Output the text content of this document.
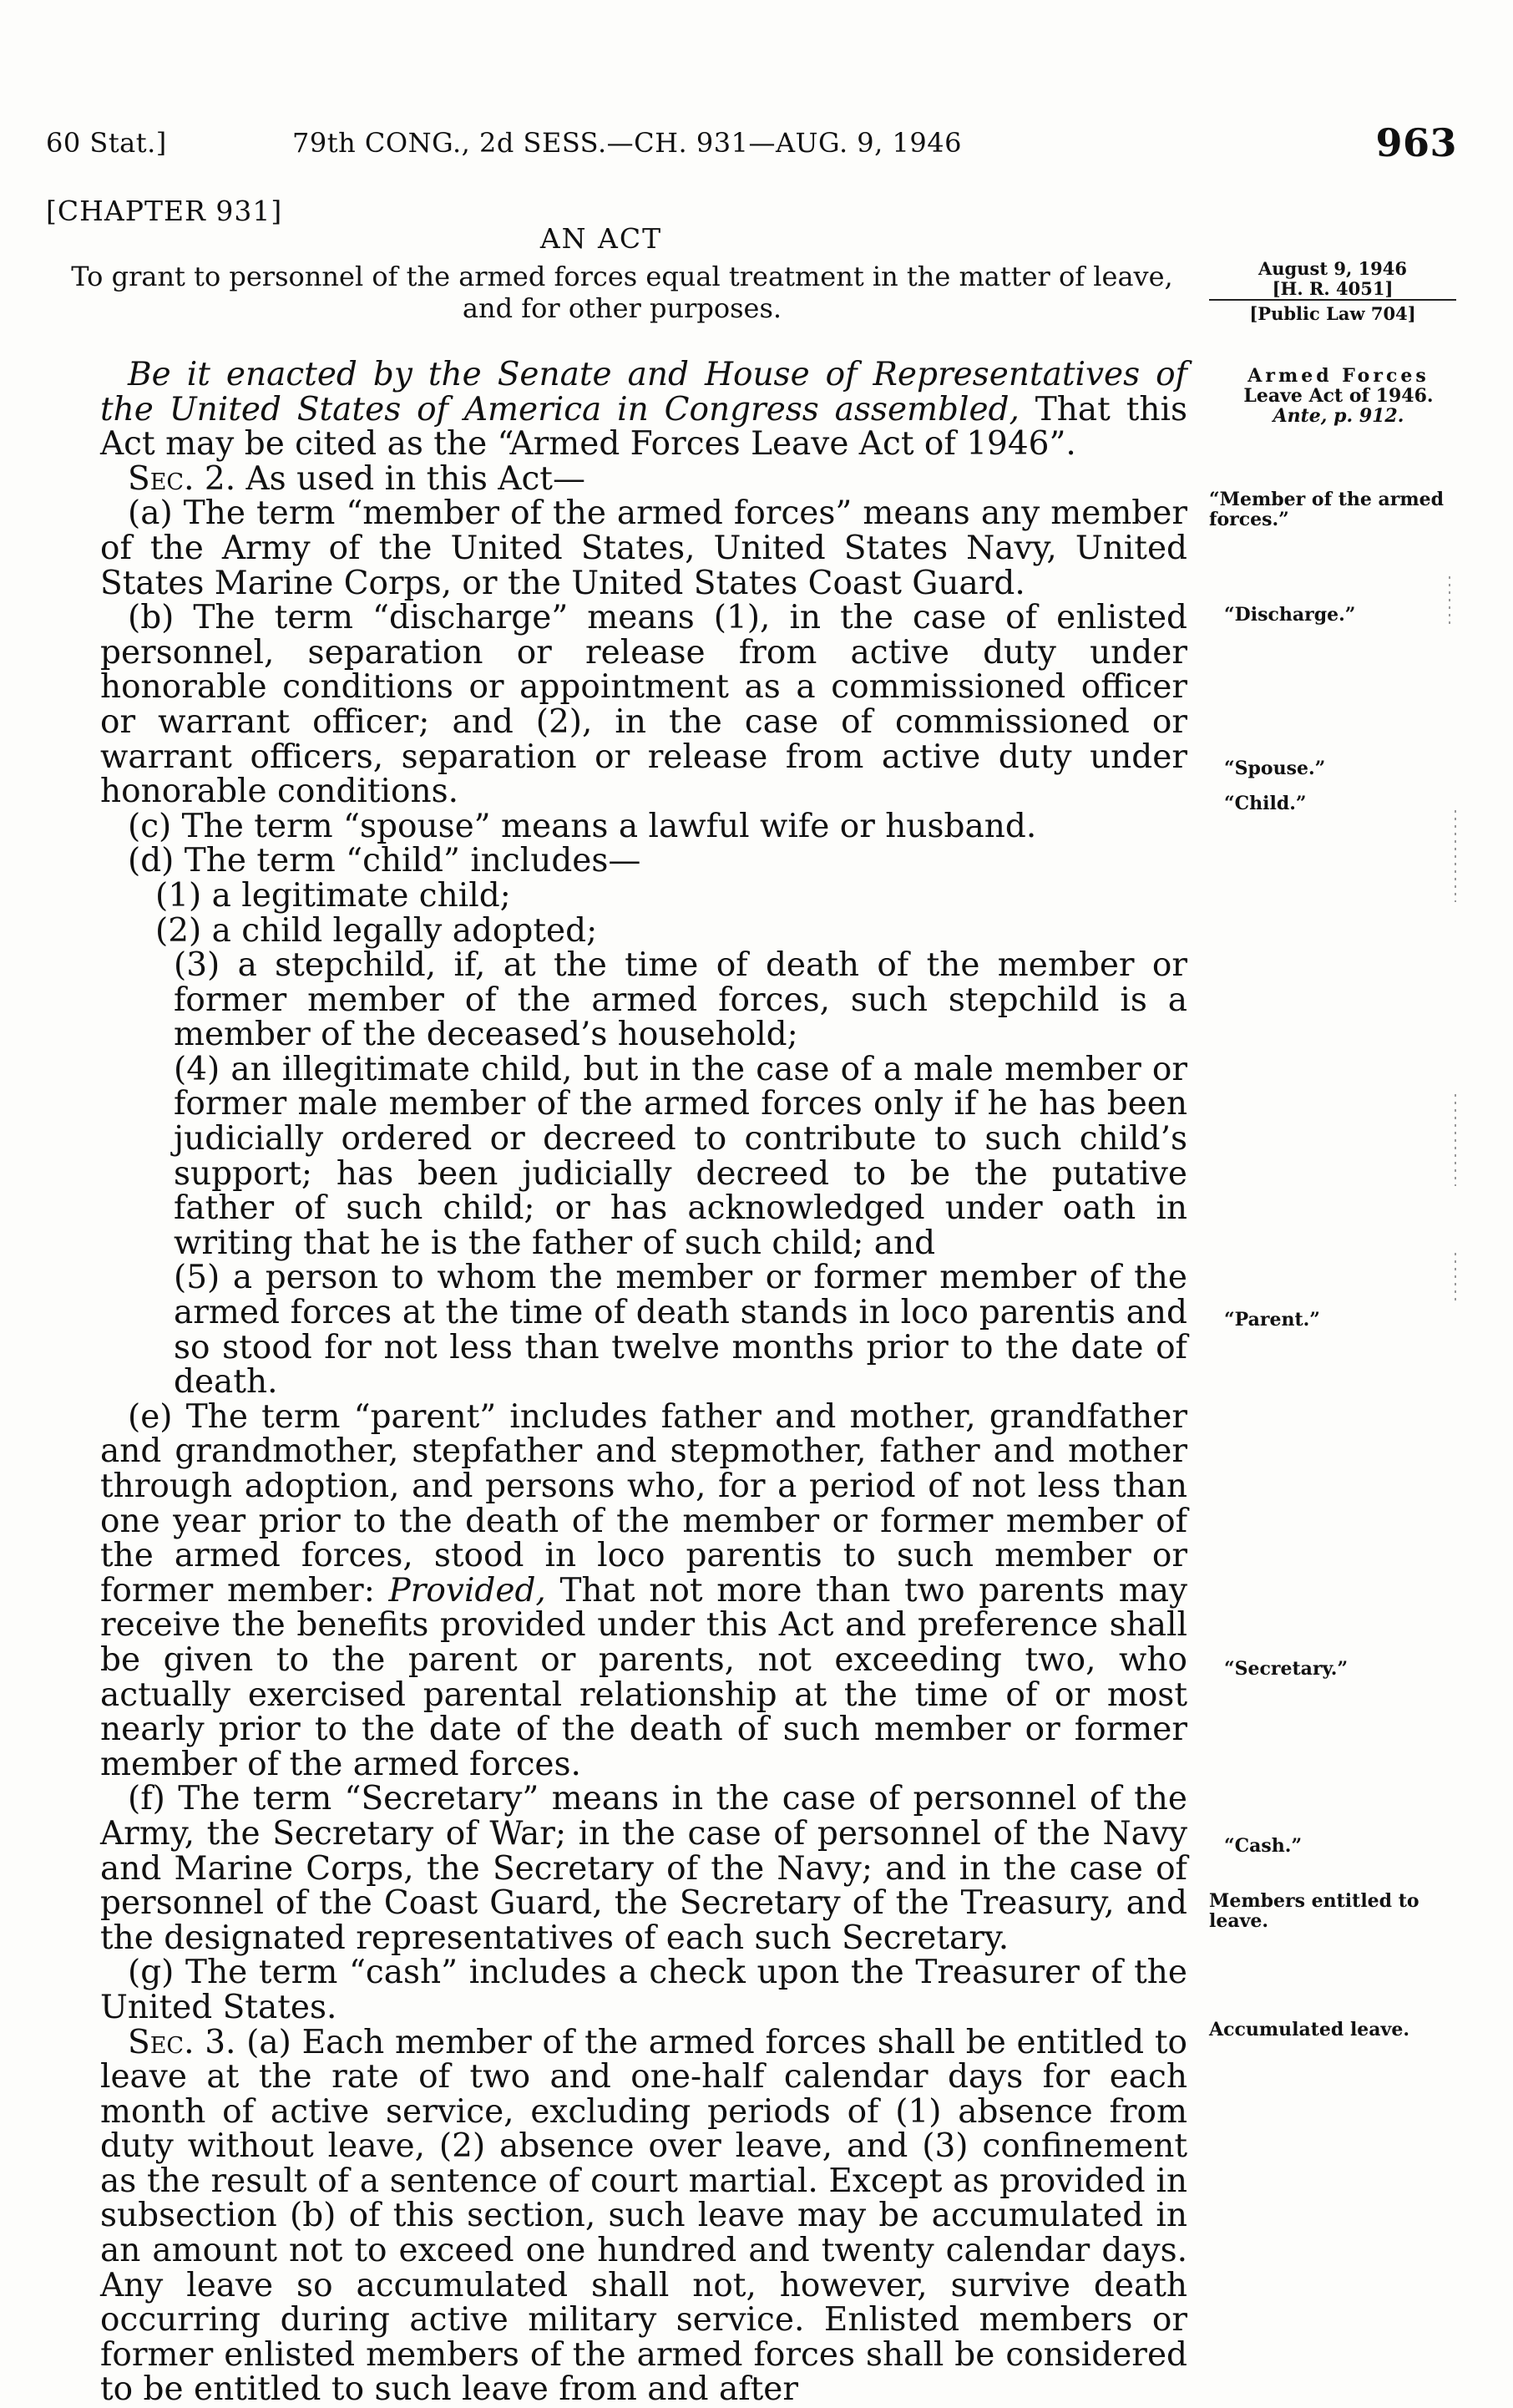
60 Stat.]	79th CONG., 2d SESS.—CH. 931—AUG. 9, 1946	963
[CHAPTER 931]
AN ACT
To grant to personnel of the armed forces equal treatment in the matter of leave, and for other purposes.
August 9, 1946
[H. R. 4051]
[Public Law 704]

Be it enacted by the Senate and House of Representatives of the United States of America in Congress assembled, That this Act may be cited as the “Armed Forces Leave Act of 1946”.

Sec. 2. As used in this Act—

(a) The term “member of the armed forces” means any member of the Army of the United States, United States Navy, United States Marine Corps, or the United States Coast Guard.

(b) The term “discharge” means (1), in the case of enlisted personnel, separation or release from active duty under honorable conditions or appointment as a commissioned officer or warrant officer; and (2), in the case of commissioned or warrant officers, separation or release from active duty under honorable conditions.

(c) The term “spouse” means a lawful wife or husband.

(d) The term “child” includes—

(1) a legitimate child;

(2) a child legally adopted;

(3) a stepchild, if, at the time of death of the member or former member of the armed forces, such stepchild is a member of the deceased’s household;

(4) an illegitimate child, but in the case of a male member or former male member of the armed forces only if he has been judicially ordered or decreed to contribute to such child’s support; has been judicially decreed to be the putative father of such child; or has acknowledged under oath in writing that he is the father of such child; and

(5) a person to whom the member or former member of the armed forces at the time of death stands in loco parentis and so stood for not less than twelve months prior to the date of death.

(e) The term “parent” includes father and mother, grandfather and grandmother, stepfather and stepmother, father and mother through adoption, and persons who, for a period of not less than one year prior to the death of the member or former member of the armed forces, stood in loco parentis to such member or former member: Provided, That not more than two parents may receive the benefits provided under this Act and preference shall be given to the parent or parents, not exceeding two, who actually exercised parental relationship at the time of or most nearly prior to the date of the death of such member or former member of the armed forces.

(f) The term “Secretary” means in the case of personnel of the Army, the Secretary of War; in the case of personnel of the Navy and Marine Corps, the Secretary of the Navy; and in the case of personnel of the Coast Guard, the Secretary of the Treasury, and the designated representatives of each such Secretary.

(g) The term “cash” includes a check upon the Treasurer of the United States.

Sec. 3. (a) Each member of the armed forces shall be entitled to leave at the rate of two and one-half calendar days for each month of active service, excluding periods of (1) absence from duty without leave, (2) absence over leave, and (3) confinement as the result of a sentence of court martial. Except as provided in subsection (b) of this section, such leave may be accumulated in an amount not to exceed one hundred and twenty calendar days. Any leave so accumulated shall not, however, survive death occurring during active military service. Enlisted members or former enlisted members of the armed forces shall be considered to be entitled to such leave from and after

Armed Forces
Leave Act of 1946.
Ante, p. 912.
“Member of the armed forces.”
“Discharge.”
“Spouse.”
“Child.”
“Parent.”
“Secretary.”
“Cash.”
Members entitled to leave.
Accumulated leave.
